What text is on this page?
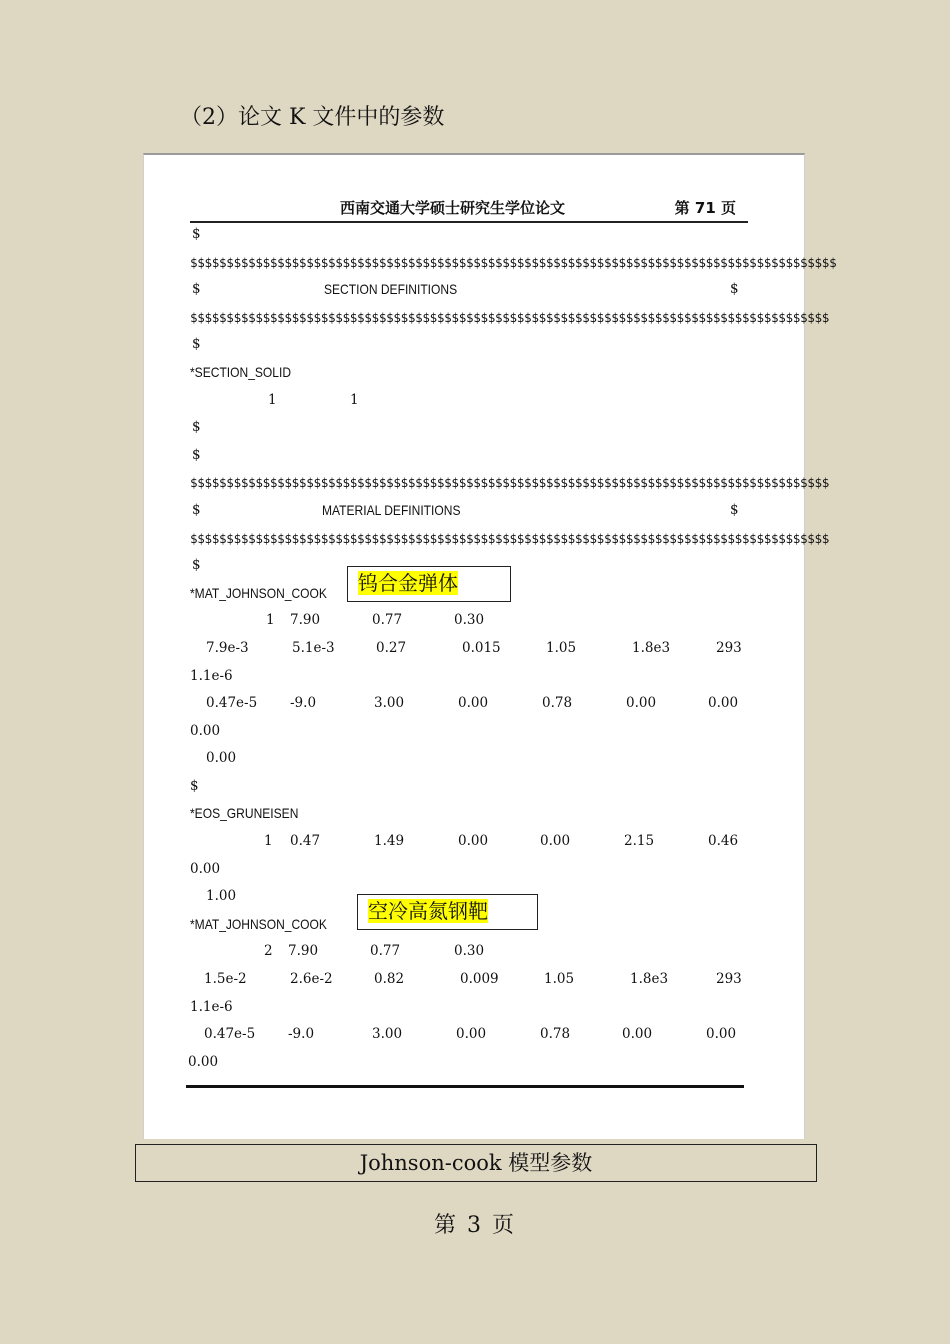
（2）论文 K 文件中的参数
西南交通大学硕士研究生学位论文	第 71 页
$
$$$$$$$$$$$$$$$$$$$$$$$$$$$$$$$$$$$$$$$$$$$$$$$$$$$$$$$$$$$$$$$$$$$$$$$$$$$$$$$$$$$$$$$$$
$	SECTION DEFINITIONS	$
$$$$$$$$$$$$$$$$$$$$$$$$$$$$$$$$$$$$$$$$$$$$$$$$$$$$$$$$$$$$$$$$$$$$$$$$$$$$$$$$$$$$$$$$
$
*SECTION_SOLID
1	1
$
$
$$$$$$$$$$$$$$$$$$$$$$$$$$$$$$$$$$$$$$$$$$$$$$$$$$$$$$$$$$$$$$$$$$$$$$$$$$$$$$$$$$$$$$$$
$	MATERIAL DEFINITIONS	$
$$$$$$$$$$$$$$$$$$$$$$$$$$$$$$$$$$$$$$$$$$$$$$$$$$$$$$$$$$$$$$$$$$$$$$$$$$$$$$$$$$$$$$$$
$
*MAT_JOHNSON_COOK
1 7.90	0.77	0.30
7.9e-3	5.1e-3	0.27	0.015	1.05	1.8e3	293
1.1e-6
0.47e-5 -9.0	3.00	0.00	0.78	0.00	0.00
0.00
0.00
$
*EOS_GRUNEISEN
1 0.47	1.49	0.00	0.00	2.15	0.46
0.00
1.00
*MAT_JOHNSON_COOK
2 7.90	0.77	0.30
1.5e-2	2.6e-2	0.82	0.009	1.05	1.8e3	293
1.1e-6
0.47e-5 -9.0	3.00	0.00	0.78	0.00	0.00
0.00
钨合金弹体
空冷高氮钢靶
Johnson-cook 模型参数
第 3 页
